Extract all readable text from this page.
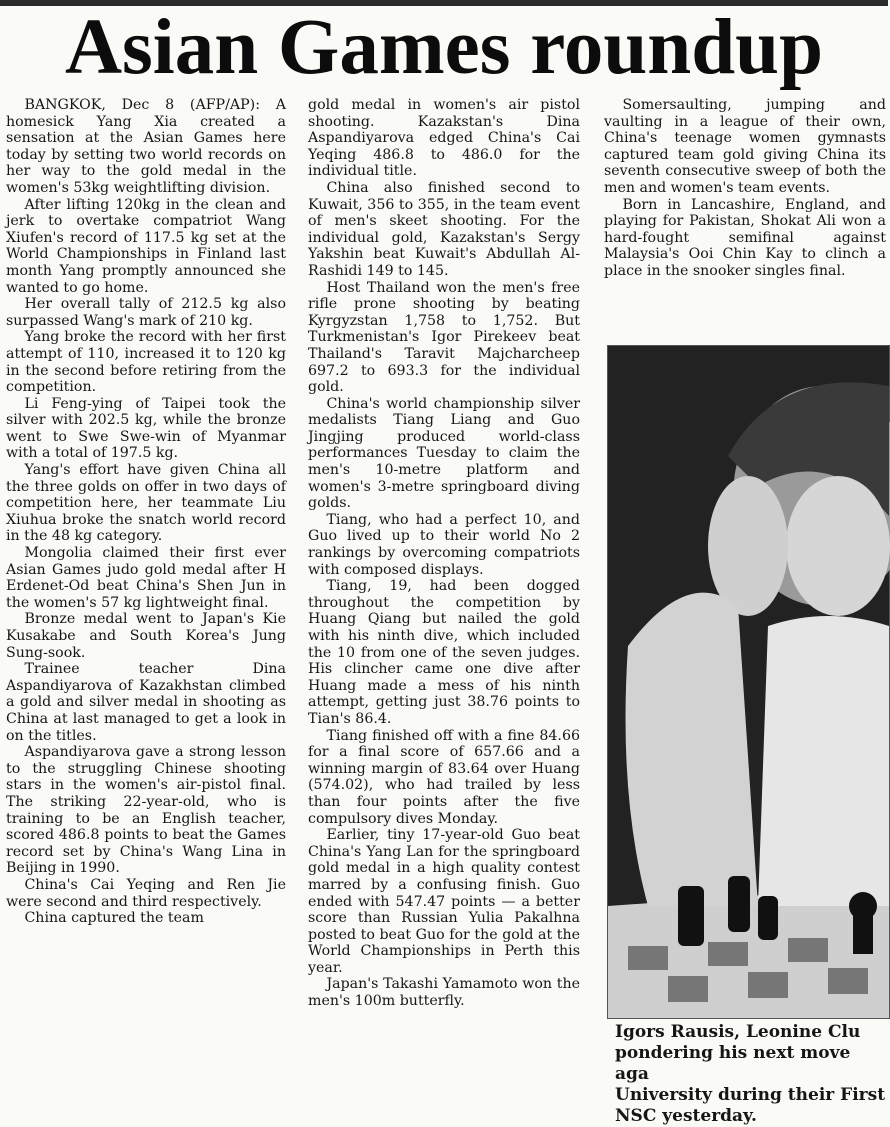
Asian Games roundup

BANGKOK, Dec 8 (AFP/AP): A homesick Yang Xia created a sensation at the Asian Games here today by setting two world records on her way to the gold medal in the women's 53kg weightlifting division.

After lifting 120kg in the clean and jerk to overtake compatriot Wang Xiufen's record of 117.5 kg set at the World Championships in Finland last month Yang promptly announced she wanted to go home.

Her overall tally of 212.5 kg also surpassed Wang's mark of 210 kg.

Yang broke the record with her first attempt of 110, increased it to 120 kg in the second before retiring from the competition.

Li Feng-ying of Taipei took the silver with 202.5 kg, while the bronze went to Swe Swe-win of Myanmar with a total of 197.5 kg.

Yang's effort have given China all the three golds on offer in two days of competition here, her teammate Liu Xiuhua broke the snatch world record in the 48 kg category.

Mongolia claimed their first ever Asian Games judo gold medal after H Erdenet-Od beat China's Shen Jun in the women's 57 kg lightweight final.

Bronze medal went to Japan's Kie Kusakabe and South Korea's Jung Sung-sook.

Trainee teacher Dina Aspandiyarova of Kazakhstan climbed a gold and silver medal in shooting as China at last managed to get a look in on the titles.

Aspandiyarova gave a strong lesson to the struggling Chinese shooting stars in the women's air-pistol final. The striking 22-year-old, who is training to be an English teacher, scored 486.8 points to beat the Games record set by China's Wang Lina in Beijing in 1990.

China's Cai Yeqing and Ren Jie were second and third respectively.

China captured the team

gold medal in women's air pistol shooting. Kazakstan's Dina Aspandiyarova edged China's Cai Yeqing 486.8 to 486.0 for the individual title.

China also finished second to Kuwait, 356 to 355, in the team event of men's skeet shooting. For the individual gold, Kazakstan's Sergy Yakshin beat Kuwait's Abdullah Al-Rashidi 149 to 145.

Host Thailand won the men's free rifle prone shooting by beating Kyrgyzstan 1,758 to 1,752. But Turkmenistan's Igor Pirekeev beat Thailand's Taravit Majcharcheep 697.2 to 693.3 for the individual gold.

China's world championship silver medalists Tiang Liang and Guo Jingjing produced world-class performances Tuesday to claim the men's 10-metre platform and women's 3-metre springboard diving golds.

Tiang, who had a perfect 10, and Guo lived up to their world No 2 rankings by overcoming compatriots with composed displays.

Tiang, 19, had been dogged throughout the competition by Huang Qiang but nailed the gold with his ninth dive, which included the 10 from one of the seven judges. His clincher came one dive after Huang made a mess of his ninth attempt, getting just 38.76 points to Tian's 86.4.

Tiang finished off with a fine 84.66 for a final score of 657.66 and a winning margin of 83.64 over Huang (574.02), who had trailed by less than four points after the five compulsory dives Monday.

Earlier, tiny 17-year-old Guo beat China's Yang Lan for the springboard gold medal in a high quality contest marred by a confusing finish. Guo ended with 547.47 points — a better score than Russian Yulia Pakalhna posted to beat Guo for the gold at the World Championships in Perth this year.

Japan's Takashi Yamamoto won the men's 100m butterfly.

Somersaulting, jumping and vaulting in a league of their own, China's teenage women gymnasts captured team gold giving China its seventh consecutive sweep of both the men and women's team events.

Born in Lancashire, England, and playing for Pakistan, Shokat Ali won a hard-fought semifinal against Malaysia's Ooi Chin Kay to clinch a place in the snooker singles final.

Igors Rausis, Leonine Clu
pondering his next move aga
University during their First
NSC yesterday.
